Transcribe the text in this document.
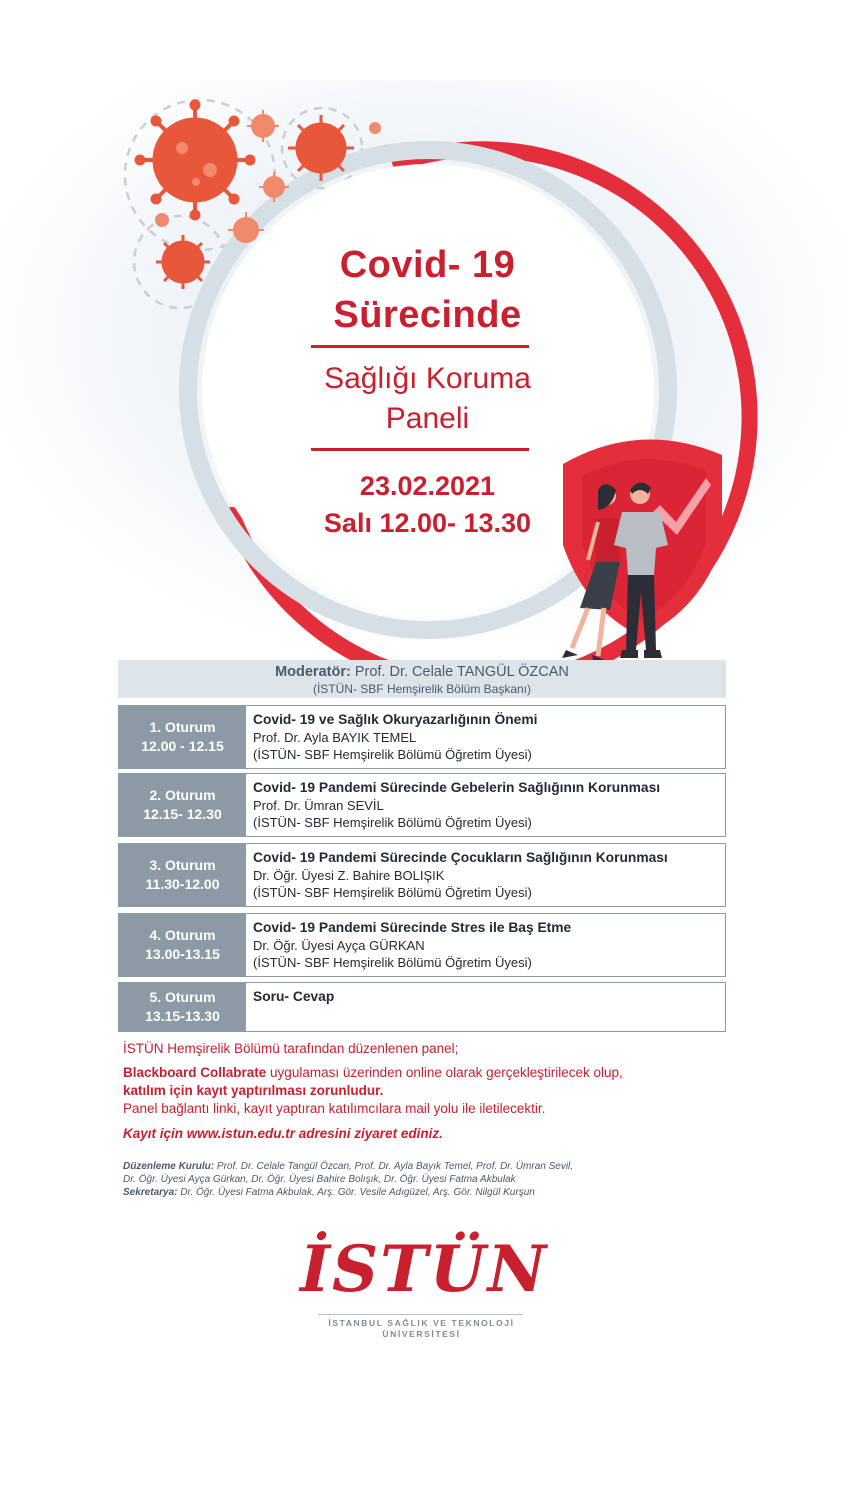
Covid- 19
Sürecinde
Sağlığı Koruma
Paneli
23.02.2021
Salı 12.00- 13.30
Moderatör: Prof. Dr. Celale TANGÜL ÖZCAN
(İSTÜN- SBF Hemşirelik Bölüm Başkanı)
1. Oturum
12.00 - 12.15
Covid- 19 ve Sağlık Okuryazarlığının Önemi
Prof. Dr. Ayla BAYIK TEMEL
(İSTÜN- SBF Hemşirelik Bölümü Öğretim Üyesi)
2. Oturum
12.15- 12.30
Covid- 19 Pandemi Sürecinde Gebelerin Sağlığının Korunması
Prof. Dr. Ümran SEVİL
(İSTÜN- SBF Hemşirelik Bölümü Öğretim Üyesi)
3. Oturum
11.30-12.00
Covid- 19 Pandemi Sürecinde Çocukların Sağlığının Korunması
Dr. Öğr. Üyesi Z. Bahire BOLIŞIK
(İSTÜN- SBF Hemşirelik Bölümü Öğretim Üyesi)
4. Oturum
13.00-13.15
Covid- 19 Pandemi Sürecinde Stres ile Baş Etme
Dr. Öğr. Üyesi Ayça GÜRKAN
(İSTÜN- SBF Hemşirelik Bölümü Öğretim Üyesi)
5. Oturum
13.15-13.30
Soru- Cevap
İSTÜN Hemşirelik Bölümü tarafından düzenlenen panel;
Blackboard Collabrate uygulaması üzerinden online olarak gerçekleştirilecek olup,
katılım için kayıt yaptırılması zorunludur.
Panel bağlantı linki, kayıt yaptıran katılımcılara mail yolu ile iletilecektir.
Kayıt için www.istun.edu.tr adresini ziyaret ediniz.
Düzenleme Kurulu: Prof. Dr. Celale Tangül Özcan, Prof. Dr. Ayla Bayık Temel, Prof. Dr. Ümran Sevil,
Dr. Öğr. Üyesi Ayça Gürkan, Dr. Öğr. Üyesi Bahire Bolışık, Dr. Öğr. Üyesi Fatma Akbulak
Sekretarya: Dr. Öğr. Üyesi Fatma Akbulak, Arş. Gör. Vesile Adıgüzel, Arş. Gör. Nilgül Kurşun
İSTÜN
İSTANBUL SAĞLIK VE TEKNOLOJİ
ÜNİVERSİTESİ
